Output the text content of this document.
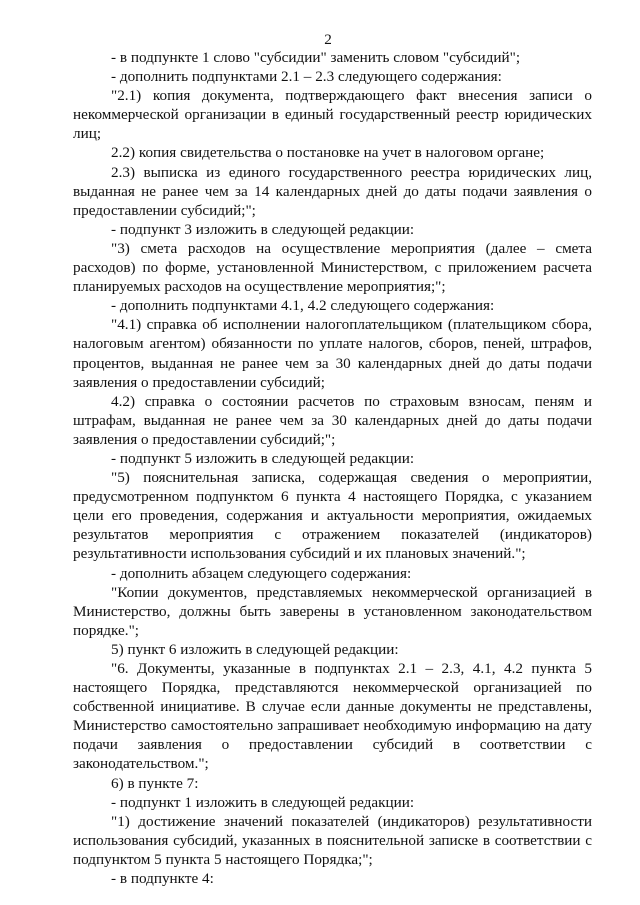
2

- в подпункте 1 слово "субсидии" заменить словом "субсидий";

- дополнить подпунктами 2.1 – 2.3 следующего содержания:

"2.1) копия документа, подтверждающего факт внесения записи о некоммерческой организации в единый государственный реестр юридических лиц;

2.2) копия свидетельства о постановке на учет в налоговом органе;

2.3) выписка из единого государственного реестра юридических лиц, выданная не ранее чем за 14 календарных дней до даты подачи заявления о предоставлении субсидий;";

- подпункт 3 изложить в следующей редакции:

"3) смета расходов на осуществление мероприятия (далее – смета расходов) по форме, установленной Министерством, с приложением расчета планируемых расходов на осуществление мероприятия;";

- дополнить подпунктами 4.1, 4.2 следующего содержания:

"4.1) справка об исполнении налогоплательщиком (плательщиком сбора, налоговым агентом) обязанности по уплате налогов, сборов, пеней, штрафов, процентов, выданная не ранее чем за 30 календарных дней до даты подачи заявления о предоставлении субсидий;

4.2) справка о состоянии расчетов по страховым взносам, пеням и штрафам, выданная не ранее чем за 30 календарных дней до даты подачи заявления о предоставлении субсидий;";

- подпункт 5 изложить в следующей редакции:

"5) пояснительная записка, содержащая сведения о мероприятии, предусмотренном подпунктом 6 пункта 4 настоящего Порядка, с указанием цели его проведения, содержания и актуальности мероприятия, ожидаемых результатов мероприятия с отражением показателей (индикаторов) результативности использования субсидий и их плановых значений.";

- дополнить абзацем следующего содержания:

"Копии документов, представляемых некоммерческой организацией в Министерство, должны быть заверены в установленном законодательством порядке.";

5) пункт 6 изложить в следующей редакции:

"6. Документы, указанные в подпунктах 2.1 – 2.3, 4.1, 4.2 пункта 5 настоящего Порядка, представляются некоммерческой организацией по собственной инициативе. В случае если данные документы не представлены, Министерство самостоятельно запрашивает необходимую информацию на дату подачи заявления о предоставлении субсидий в соответствии с законодательством.";

6) в пункте 7:

- подпункт 1 изложить в следующей редакции:

"1) достижение значений показателей (индикаторов) результативности использования субсидий, указанных в пояснительной записке в соответствии с подпунктом 5 пункта 5 настоящего Порядка;";

- в подпункте 4:
